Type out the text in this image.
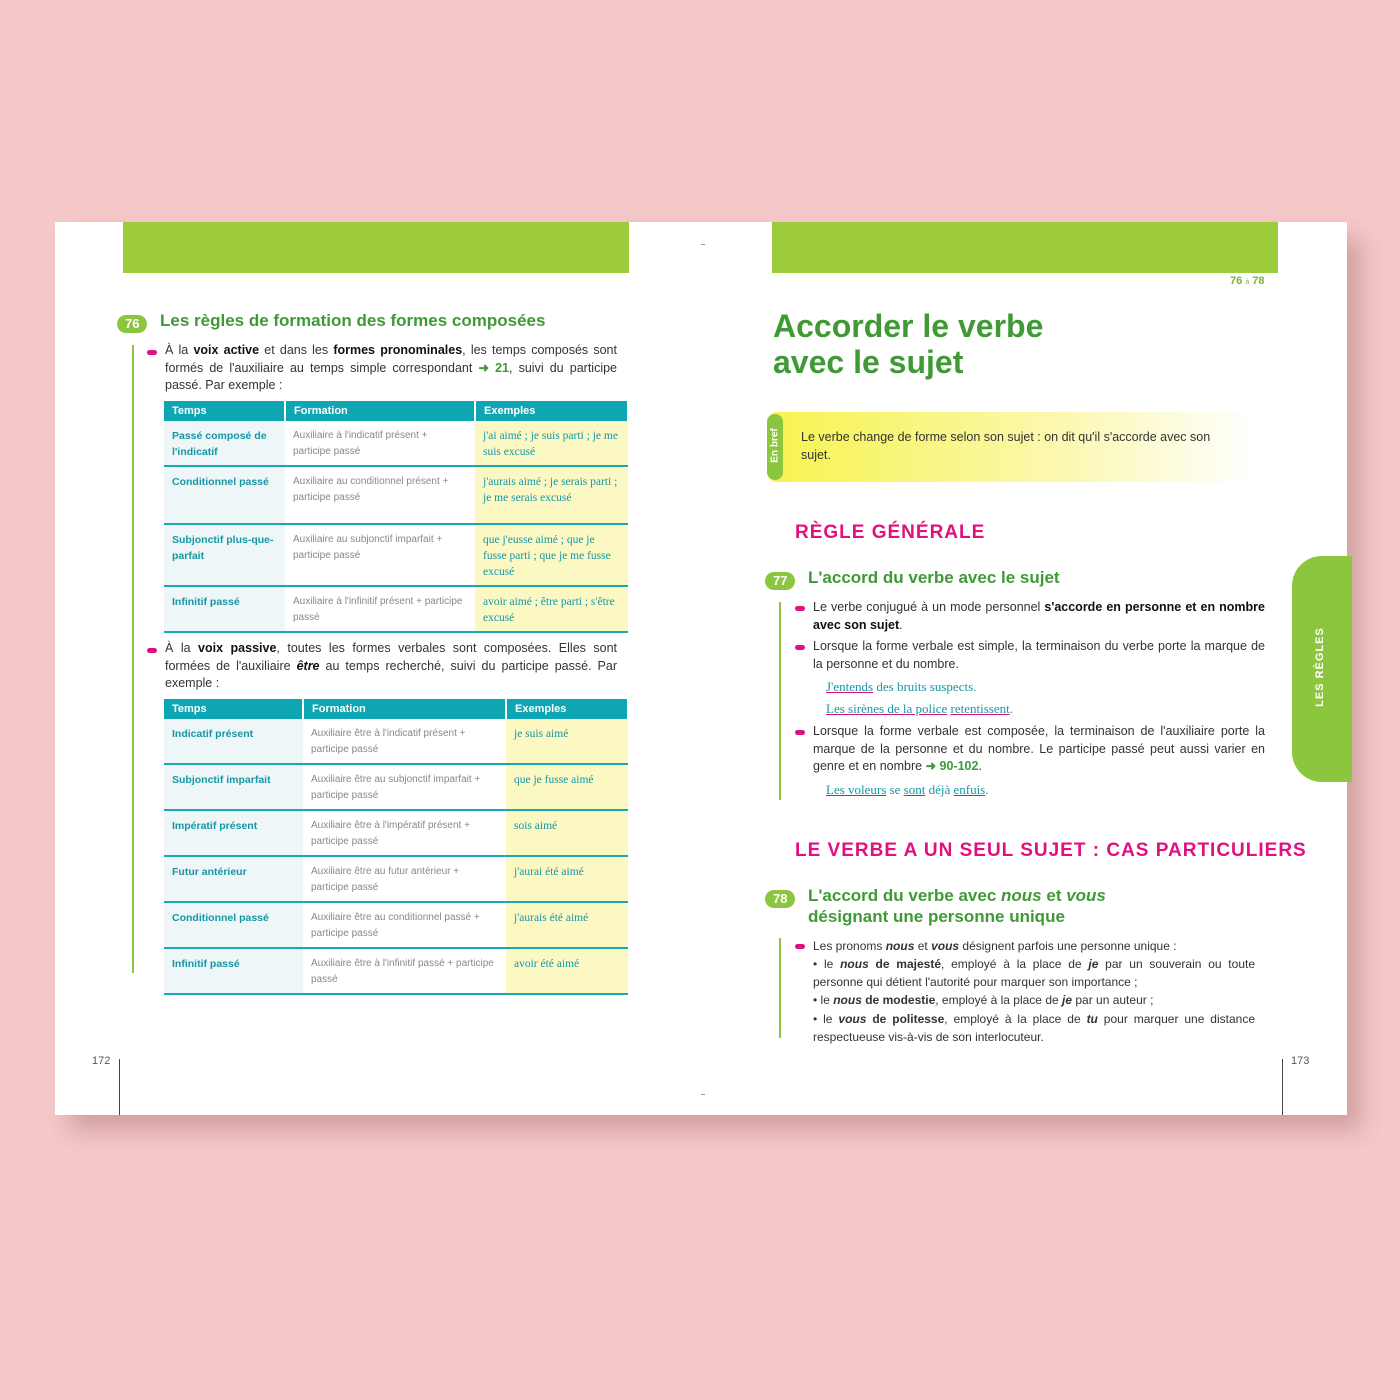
76	Les règles de formation des formes composées
À la voix active et dans les formes pronominales, les temps composés sont formés de l'auxiliaire au temps simple correspondant ➜ 21, suivi du participe passé. Par exemple :
Temps	Formation	Exemples
Passé composé de l'indicatif	Auxiliaire à l'indicatif présent + participe passé	j'ai aimé ; je suis parti ; je me suis excusé
Conditionnel passé	Auxiliaire au conditionnel présent + participe passé	j'aurais aimé ; je serais parti ; je me serais excusé
Subjonctif plus-que-parfait	Auxiliaire au subjonctif imparfait + participe passé	que j'eusse aimé ; que je fusse parti ; que je me fusse excusé
Infinitif passé	Auxiliaire à l'infinitif présent + participe passé	avoir aimé ; être parti ; s'être excusé
À la voix passive, toutes les formes verbales sont composées. Elles sont formées de l'auxiliaire être au temps recherché, suivi du participe passé. Par exemple :
Temps	Formation	Exemples
Indicatif présent	Auxiliaire être à l'indicatif présent + participe passé	je suis aimé
Subjonctif imparfait	Auxiliaire être au subjonctif imparfait + participe passé	que je fusse aimé
Impératif présent	Auxiliaire être à l'impératif présent + participe passé	sois aimé
Futur antérieur	Auxiliaire être au futur antérieur + participe passé	j'aurai été aimé
Conditionnel passé	Auxiliaire être au conditionnel passé + participe passé	j'aurais été aimé
Infinitif passé	Auxiliaire être à l'infinitif passé + participe passé	avoir été aimé
172
76 à 78
Accorder le verbe
avec le sujet
En bref Le verbe change de forme selon son sujet : on dit qu'il s'accorde avec son sujet.
RÈGLE GÉNÉRALE
77	L'accord du verbe avec le sujet
Le verbe conjugué à un mode personnel s'accorde en personne et en nombre avec son sujet.
Lorsque la forme verbale est simple, la terminaison du verbe porte la marque de la personne et du nombre.
J'entends des bruits suspects.
Les sirènes de la police retentissent.
Lorsque la forme verbale est composée, la terminaison de l'auxiliaire porte la marque de la personne et du nombre. Le participe passé peut aussi varier en genre et en nombre ➜ 90-102.
Les voleurs se sont déjà enfuis.
LE VERBE A UN SEUL SUJET : CAS PARTICULIERS
78	L'accord du verbe avec nous et vous
désignant une personne unique
Les pronoms nous et vous désignent parfois une personne unique :
• le nous de majesté, employé à la place de je par un souverain ou toute personne qui détient l'autorité pour marquer son importance ;
• le nous de modestie, employé à la place de je par un auteur ;
• le vous de politesse, employé à la place de tu pour marquer une distance respectueuse vis-à-vis de son interlocuteur.
LES RÈGLES
173
